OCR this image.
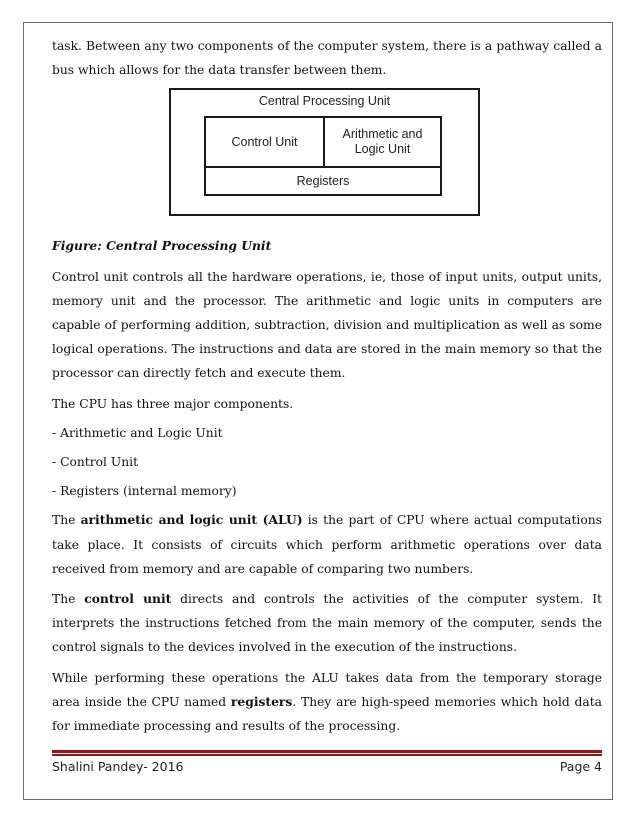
task. Between any two components of the computer system, there is a pathway called a bus which allows for the data transfer between them.

Central Processing Unit
Control Unit
Arithmetic and
Logic Unit
Registers

Figure: Central Processing Unit

Control unit controls all the hardware operations, ie, those of input units, output units, memory unit and the processor. The arithmetic and logic units in computers are capable of performing addition, subtraction, division and multiplication as well as some logical operations. The instructions and data are stored in the main memory so that the processor can directly fetch and execute them.

The CPU has three major components.

- Arithmetic and Logic Unit

- Control Unit

- Registers (internal memory)

The arithmetic and logic unit (ALU) is the part of CPU where actual computations take place. It consists of circuits which perform arithmetic operations over data received from memory and are capable of comparing two numbers.

The control unit directs and controls the activities of the computer system. It interprets the instructions fetched from the main memory of the computer, sends the control signals to the devices involved in the execution of the instructions.

While performing these operations the ALU takes data from the temporary storage area inside the CPU named registers. They are high-speed memories which hold data for immediate processing and results of the processing.

Shalini Pandey- 2016	Page 4
